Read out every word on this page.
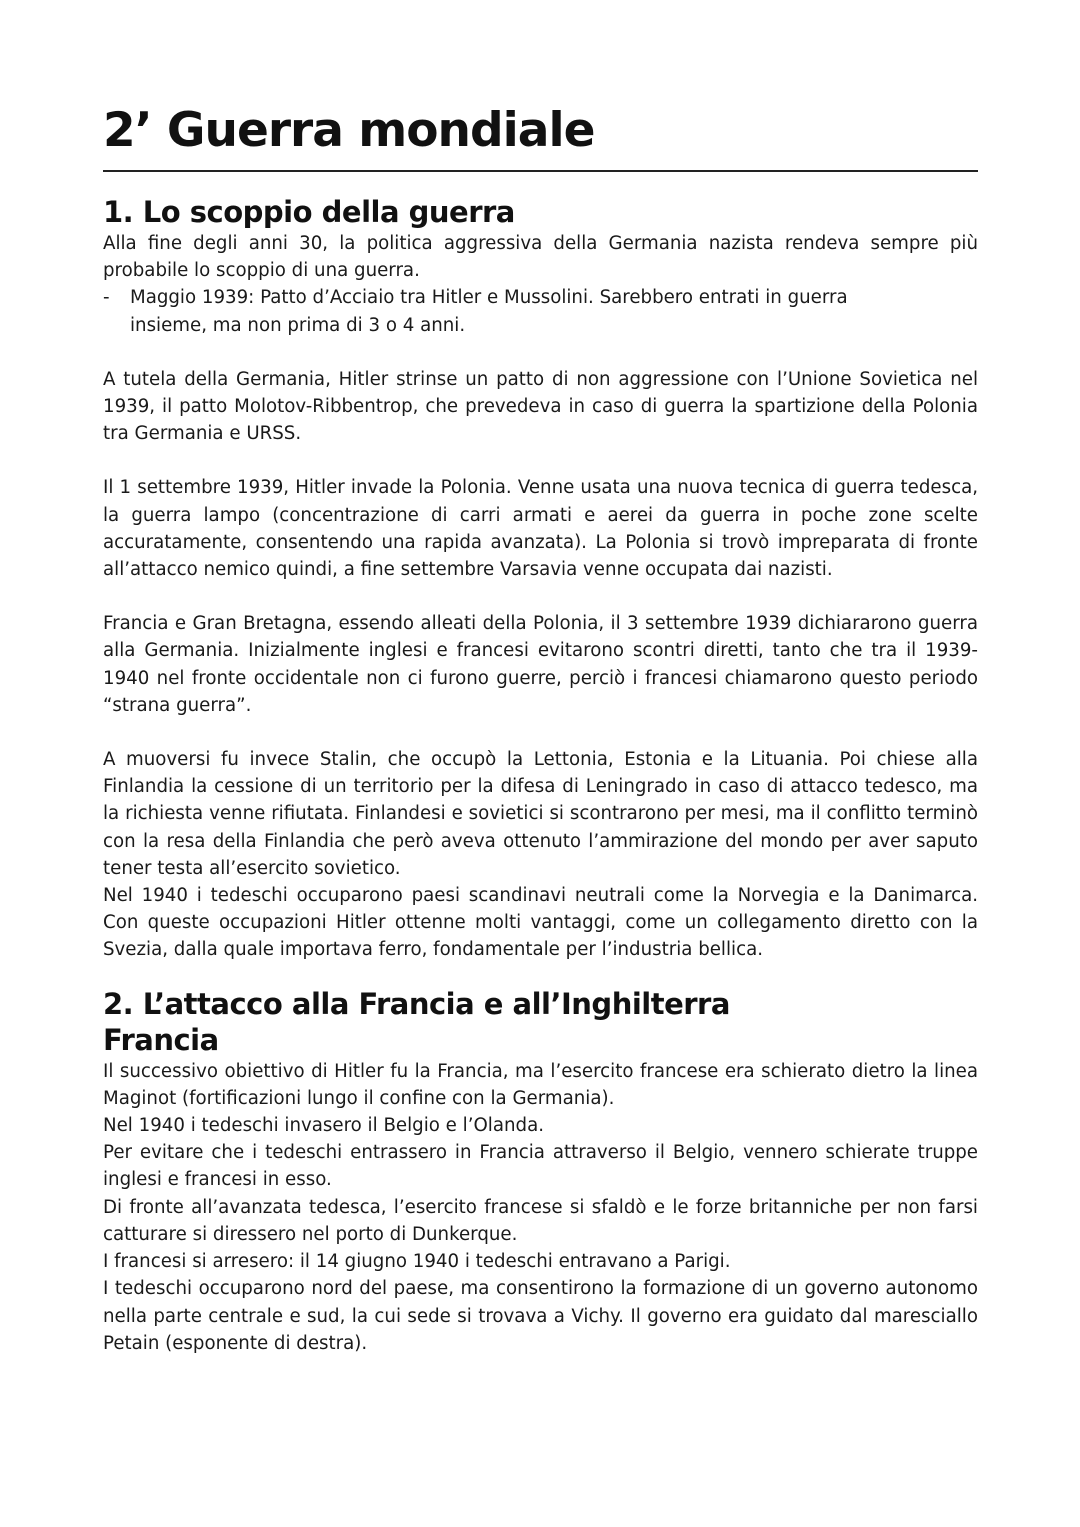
2’ Guerra mondiale
1. Lo scoppio della guerra

Alla fine degli anni 30, la politica aggressiva della Germania nazista rendeva sempre più probabile lo scoppio di una guerra.

-	Maggio 1939: Patto d’Acciaio tra Hitler e Mussolini. Sarebbero entrati in guerra insieme, ma non prima di 3 o 4 anni.

A tutela della Germania, Hitler strinse un patto di non aggressione con l’Unione Sovietica nel 1939, il patto Molotov-Ribbentrop, che prevedeva in caso di guerra la spartizione della Polonia tra Germania e URSS.

Il 1 settembre 1939, Hitler invade la Polonia. Venne usata una nuova tecnica di guerra tedesca, la guerra lampo (concentrazione di carri armati e aerei da guerra in poche zone scelte accuratamente, consentendo una rapida avanzata). La Polonia si trovò impreparata di fronte all’attacco nemico quindi, a fine settembre Varsavia venne occupata dai nazisti.

Francia e Gran Bretagna, essendo alleati della Polonia, il 3 settembre 1939 dichiararono guerra alla Germania. Inizialmente inglesi e francesi evitarono scontri diretti, tanto che tra il 1939-1940 nel fronte occidentale non ci furono guerre, perciò i francesi chiamarono questo periodo “strana guerra”.

A muoversi fu invece Stalin, che occupò la Lettonia, Estonia e la Lituania. Poi chiese alla Finlandia la cessione di un territorio per la difesa di Leningrado in caso di attacco tedesco, ma la richiesta venne rifiutata. Finlandesi e sovietici si scontrarono per mesi, ma il conflitto terminò con la resa della Finlandia che però aveva ottenuto l’ammirazione del mondo per aver saputo tener testa all’esercito sovietico.

Nel 1940 i tedeschi occuparono paesi scandinavi neutrali come la Norvegia e la Danimarca. Con queste occupazioni Hitler ottenne molti vantaggi, come un collegamento diretto con la Svezia, dalla quale importava ferro, fondamentale per l’industria bellica.

2. L’attacco alla Francia e all’Inghilterra
Francia

Il successivo obiettivo di Hitler fu la Francia, ma l’esercito francese era schierato dietro la linea Maginot (fortificazioni lungo il confine con la Germania).

Nel 1940 i tedeschi invasero il Belgio e l’Olanda.

Per evitare che i tedeschi entrassero in Francia attraverso il Belgio, vennero schierate truppe inglesi e francesi in esso.

Di fronte all’avanzata tedesca, l’esercito francese si sfaldò e le forze britanniche per non farsi catturare si diressero nel porto di Dunkerque.

I francesi si arresero: il 14 giugno 1940 i tedeschi entravano a Parigi.

I tedeschi occuparono nord del paese, ma consentirono la formazione di un governo autonomo nella parte centrale e sud, la cui sede si trovava a Vichy. Il governo era guidato dal maresciallo Petain (esponente di destra).
